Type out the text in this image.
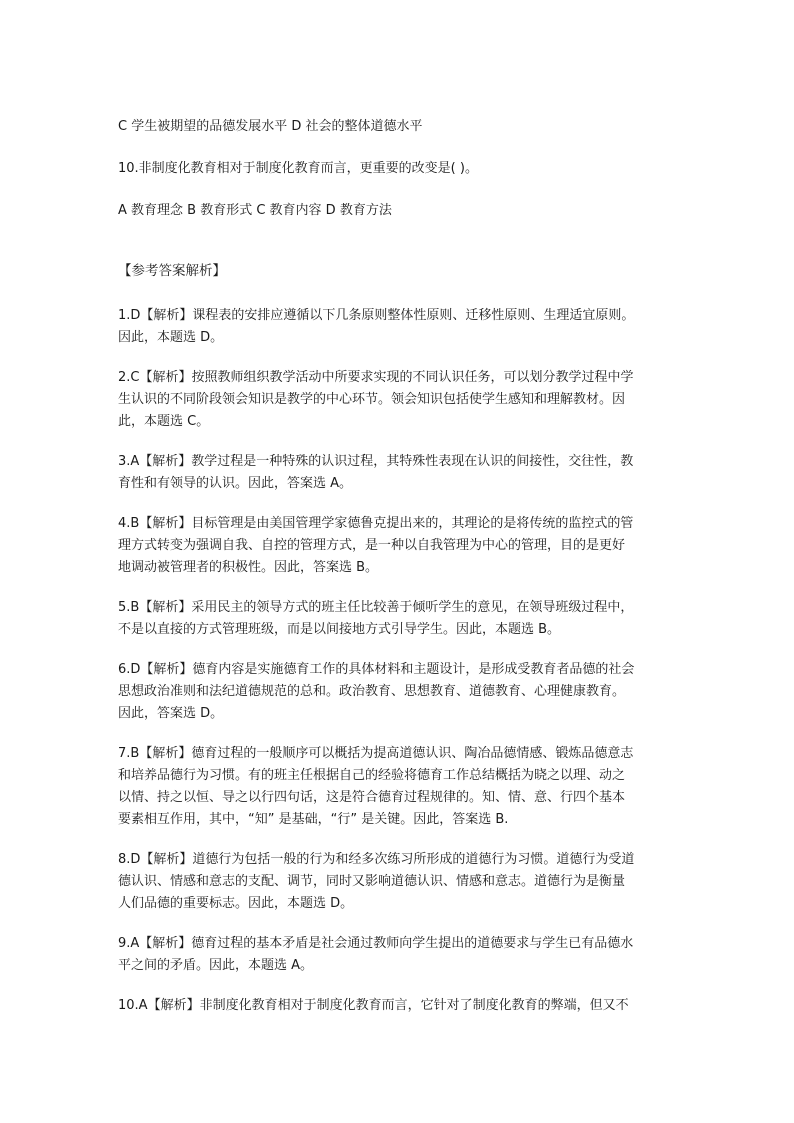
C 学生被期望的品德发展水平 D 社会的整体道德水平

10.非制度化教育相对于制度化教育而言，更重要的改变是( )。

A 教育理念 B 教育形式 C 教育内容 D 教育方法

【参考答案解析】

1.D【解析】课程表的安排应遵循以下几条原则整体性原则、迁移性原则、生理适宜原则。
因此，本题选 D。

2.C【解析】按照教师组织教学活动中所要求实现的不同认识任务，可以划分教学过程中学
生认识的不同阶段领会知识是教学的中心环节。领会知识包括使学生感知和理解教材。因
此，本题选 C。

3.A【解析】教学过程是一种特殊的认识过程，其特殊性表现在认识的间接性，交往性，教
育性和有领导的认识。因此，答案选 A。

4.B【解析】目标管理是由美国管理学家德鲁克提出来的，其理论的是将传统的监控式的管
理方式转变为强调自我、自控的管理方式，是一种以自我管理为中心的管理，目的是更好
地调动被管理者的积极性。因此，答案选 B。

5.B【解析】采用民主的领导方式的班主任比较善于倾听学生的意见，在领导班级过程中，
不是以直接的方式管理班级，而是以间接地方式引导学生。因此，本题选 B。

6.D【解析】德育内容是实施德育工作的具体材料和主题设计，是形成受教育者品德的社会
思想政治准则和法纪道德规范的总和。政治教育、思想教育、道德教育、心理健康教育。
因此，答案选 D。

7.B【解析】德育过程的一般顺序可以概括为提高道德认识、陶冶品德情感、锻炼品德意志
和培养品德行为习惯。有的班主任根据自己的经验将德育工作总结概括为晓之以理、动之
以情、持之以恒、导之以行四句话，这是符合德育过程规律的。知、情、意、行四个基本
要素相互作用，其中，“知” 是基础，“行” 是关键。因此，答案选 B.

8.D【解析】道德行为包括一般的行为和经多次练习所形成的道德行为习惯。道德行为受道
德认识、情感和意志的支配、调节，同时又影响道德认识、情感和意志。道德行为是衡量
人们品德的重要标志。因此，本题选 D。

9.A【解析】德育过程的基本矛盾是社会通过教师向学生提出的道德要求与学生已有品德水
平之间的矛盾。因此，本题选 A。

10.A【解析】非制度化教育相对于制度化教育而言，它针对了制度化教育的弊端，但又不
